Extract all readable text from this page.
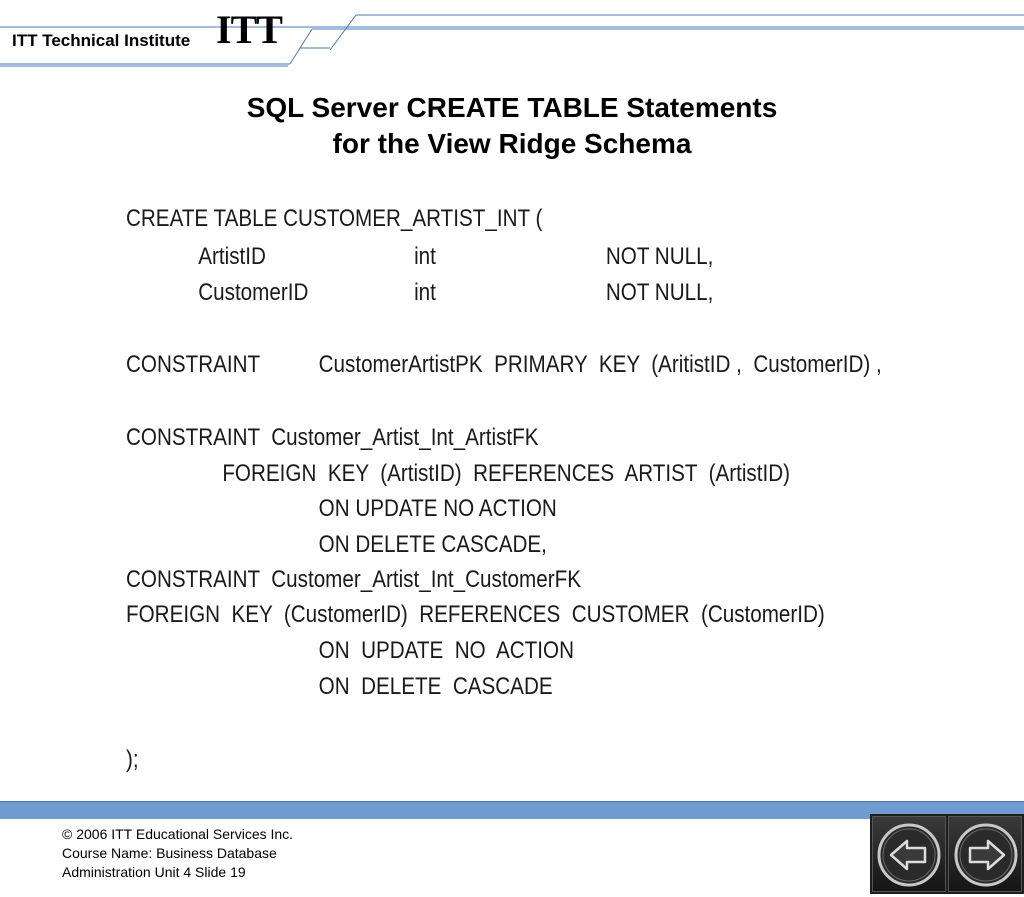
ITT Technical Institute ITT
SQL Server CREATE TABLE Statements
for the View Ridge Schema
CREATE TABLE CUSTOMER_ARTIST_INT (
ArtistID	int	NOT NULL,
CustomerID	int	NOT NULL,
CONSTRAINT CustomerArtistPK  PRIMARY  KEY  (AritistID ,  CustomerID) ,
CONSTRAINT  Customer_Artist_Int_ArtistFK
FOREIGN  KEY  (ArtistID)  REFERENCES  ARTIST  (ArtistID)
ON UPDATE NO ACTION
ON DELETE CASCADE,
CONSTRAINT  Customer_Artist_Int_CustomerFK
FOREIGN  KEY  (CustomerID)  REFERENCES  CUSTOMER  (CustomerID)
ON  UPDATE  NO  ACTION
ON  DELETE  CASCADE
);
© 2006 ITT Educational Services Inc.
Course Name: Business Database
Administration Unit 4 Slide 19
